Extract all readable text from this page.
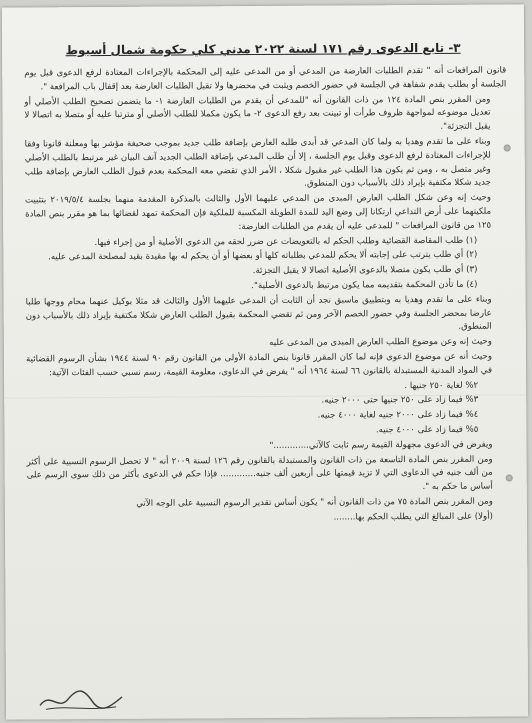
٣- تابع الدعوى رقم ١٧١ لسنة ٢٠٢٢ مدني كلي حكومة شمال أسيوط

قانون المرافعات أنه " تقدم الطلبات العارضة من المدعي أو من المدعى عليه إلى المحكمة بالإجراءات المعتادة لرفع الدعوى قبل يوم الجلسة أو بطلب يقدم شفاهة في الجلسة في حضور الخصم ويثبت في محضرها ولا تقبل الطلبات العارضة بعد إقفال باب المرافعة ".

ومن المقرر بنص المادة ١٢٤ من ذات القانون أنه "للمدعي أن يقدم من الطلبات العارضة ١- ما يتضمن تصحيح الطلب الأصلي أو تعديل موضوعه لمواجهة ظروف طرأت أو تبينت بعد رفع الدعوى ٢- ما يكون مكملا للطلب الأصلي أو مترتبا عليه أو متصلا به اتصالا لا يقبل التجزئة".

وبناء على ما تقدم وهديا به ولما كان المدعي قد أبدى طلبه العارض بإضافة طلب جديد بموجب صحيفة مؤشر بها ومعلنة قانونا وفقا للإجراءات المعتادة لرفع الدعوى وقبل يوم الجلسة ، إلا أن طلب المدعي بإضافة الطلب الجديد آنف البيان غير مرتبط بالطلب الأصلي وغير متصل به ، ومن ثم يكون هذا الطلب غير مقبول شكلا ، الأمر الذي تقضي معه المحكمة بعدم قبول الطلب العارض بإضافة طلب جديد شكلا مكتفية بإيراد ذلك بالأسباب دون المنطوق.

وحيث إنه وعن شكل الطلب العارض المبدى من المدعي عليهما الأول والثالث بالمذكرة المقدمة منهما بجلسة ٢٠١٩/٥/٤ بتثبيت ملكيتهما على أرض التداعي ارتكانا إلى وضع اليد للمدة الطويلة المكسبة للملكية فإن المحكمة تمهد لقضائها بما هو مقرر بنص المادة ١٢٥ من قانون المرافعات " للمدعى عليه أن يقدم من الطلبات العارضة:

(١) طلب المقاصة القضائية وطلب الحكم له بالتعويضات عن ضرر لحقه من الدعوى الأصلية أو من إجراء فيها.

(٢) أي طلب يترتب على إجابته ألا يحكم للمدعي بطلباته كلها أو بعضها أو أن يحكم له بها مقيدة بقيد لمصلحة المدعى عليه.

(٣) أي طلب يكون متصلا بالدعوى الأصلية اتصالا لا يقبل التجزئة.

(٤) ما تأذن المحكمة بتقديمه مما يكون مرتبط بالدعوى الأصلية".

وبناء على ما تقدم وهديا به وبتطبيق ماسبق نجد أن الثابت أن المدعى عليهما الأول والثالث قد مثلا بوكيل عنهما محام ووجها طلبا عارضا بمحضر الجلسة وفي حضور الخصم الآخر ومن ثم تقضي المحكمة بقبول الطلب العارض شكلا مكتفية بإيراد ذلك بالأسباب دون المنطوق.

وحيث إنه وعن موضوع الطلب العارض المبدى من المدعى عليه

وحيث أنه عن موضوع الدعوى فإنه لما كان المقرر قانونا بنص المادة الأولى من القانون رقم ٩٠ لسنة ١٩٤٤ بشأن الرسوم القضائية في المواد المدنية المستبدلة بالقانون ٦٦ لسنة ١٩٦٤ أنه " يفرض في الدعاوى، معلومة القيمة، رسم نسبي حسب الفئات الآتية:

٢% لغاية ٢٥٠ جنيها .

٣% فيما زاد على ٢٥٠ جنيها حتى ٢٠٠٠ جنيه.

٤% فيما زاد على ٢٠٠٠ جنيه لغاية ٤٠٠٠ جنيه.

٥% فيما زاد على ٤٠٠٠ جنيه.

ويفرض في الدعوى مجهولة القيمة رسم ثابت كالآتي............."

ومن المقرر بنص المادة التاسعة من ذات القانون والمستبدلة بالقانون رقم ١٢٦ لسنة ٢٠٠٩ أنه " لا تحصل الرسوم النسبية على أكثر من ألف جنيه في الدعاوى التي لا تزيد قيمتها على أربعين ألف جنيه............. فإذا حكم في الدعوى بأكثر من ذلك سوى الرسم على أساس ما حكم به ".

ومن المقرر بنص المادة ٧٥ من ذات القانون أنه " يكون أساس تقدير الرسوم النسبية على الوجه الآتي

(أولا) على المبالغ التي يطلب الحكم بها........
